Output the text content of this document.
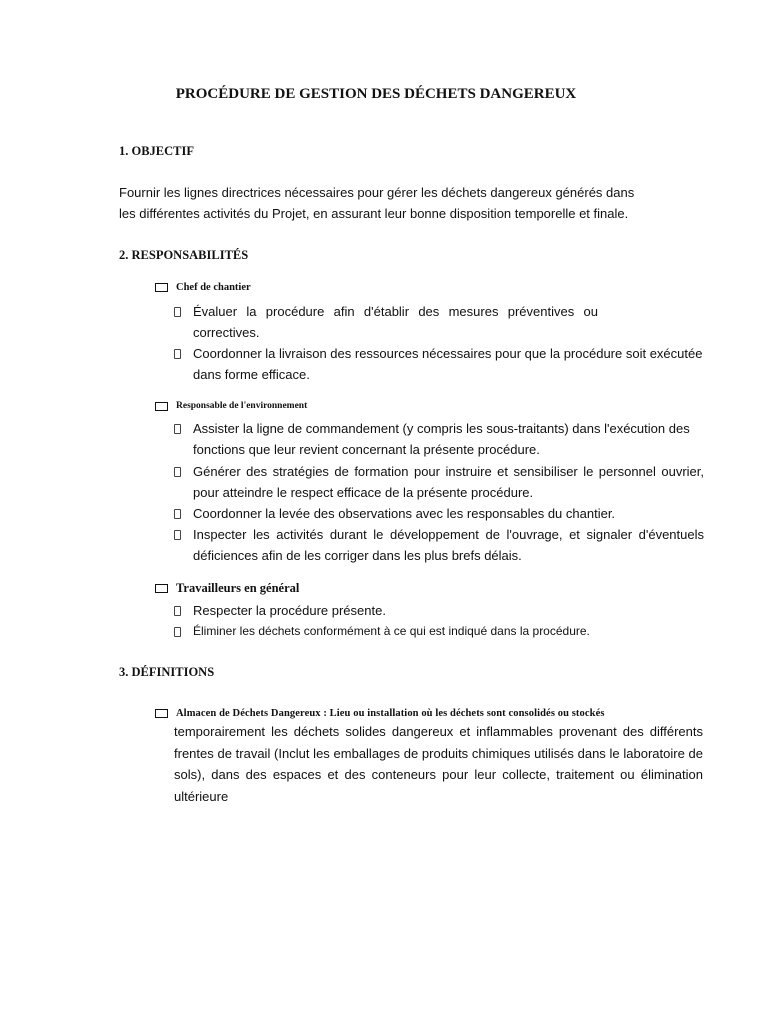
PROCÉDURE DE GESTION DES DÉCHETS DANGEREUX
1. OBJECTIF
Fournir les lignes directrices nécessaires pour gérer les déchets dangereux générés dans
les différentes activités du Projet, en assurant leur bonne disposition temporelle et finale.
2. RESPONSABILITÉS
Chef de chantier
Évaluer la procédure afin d'établir des mesures préventives ou correctives.
Coordonner la livraison des ressources nécessaires pour que la procédure soit exécutée dans forme efficace.
Responsable de l'environnement
Assister la ligne de commandement (y compris les sous-traitants) dans l'exécution des fonctions que leur revient concernant la présente procédure.
Générer des stratégies de formation pour instruire et sensibiliser le personnel ouvrier, pour atteindre le respect efficace de la présente procédure.
Coordonner la levée des observations avec les responsables du chantier.
Inspecter les activités durant le développement de l'ouvrage, et signaler d'éventuels déficiences afin de les corriger dans les plus brefs délais.
Travailleurs en général
Respecter la procédure présente.
Éliminer les déchets conformément à ce qui est indiqué dans la procédure.
3. DÉFINITIONS
Almacen de Déchets Dangereux : Lieu ou installation où les déchets sont consolidés ou stockés
temporairement les déchets solides dangereux et inflammables provenant des différents frentes de travail (Inclut les emballages de produits chimiques utilisés dans le laboratoire de sols), dans des espaces et des conteneurs pour leur collecte, traitement ou élimination ultérieure
